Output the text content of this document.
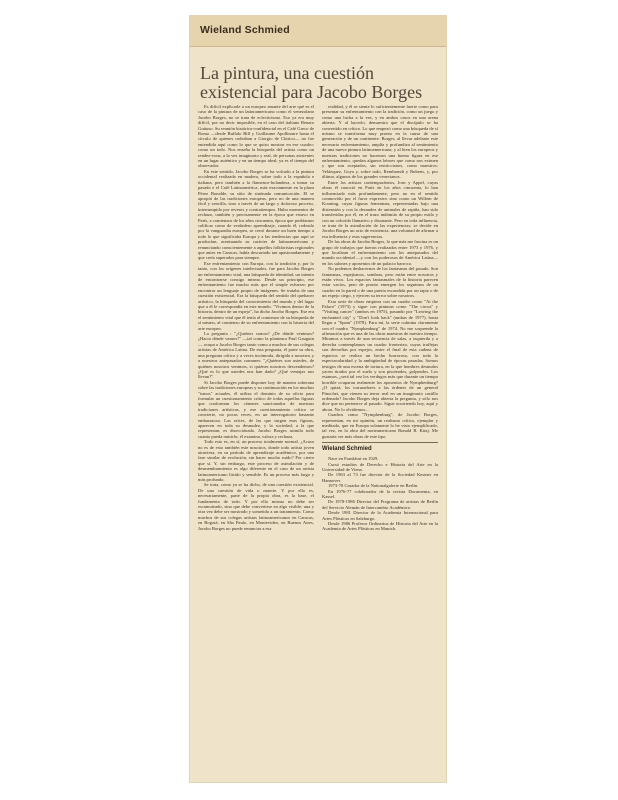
Wieland Schmied
La pintura, una cuestión existencial para Jacobo Borges

Es difícil explicarle a un europeo amante del arte qué es el caso de la pintura de un latinoamericano como el venezolano Jacobo Borges, no se trata de eclecticismo. Eso ya era muy difícil, por no decir imposible, en el caso del italiano Renato Guttuso. Su reunión histórica-confidencial en el Café Greco de Roma —desde Buffalo Bill y Guillaume Apollinaire hasta el círculo de quienes rodeaban a Giorgio de Chirico— no fue entendida aquí como lo que se quiso mostrar en ese cuadro: como un todo. Nos enseña la búsqueda del artista como un rendez-vous, a la vez imaginario y real, de personas asistentes en un lugar auténtico y en un tiempo ideal; ya es el tiempo del observador.

En este sentido, Jacobo Borges se ha volcado a la pintura occidental realizada en madera, sobre todo a la española e italiana, pero también a la flamenco-holandesa, a tomar su pasado e el Café Latinoamérica, más exactamente en la plaza Pérez Bonalde, su sitio de sinónada comunicación. El se apropió de las tradiciones europeas, pero no de una manera fácil y sencilla, sino a través de un largo y doloroso proceso, interrumpido por reveses y contratiempos. Hubo momentos de rechazo, también y precisamente en la época que estuvo en París, a comienzos de los años cincuenta, época que podríamos calificar como de verdadero aprendizaje, cuando él, rodeado por la vanguardia europea, se cerró durante un buen tiempo a todo lo que significaba Europa y a las tendencias que aquí se producían, acentuando su carácter de latinoamericano y renunciando conscientemente a aquellos folkloristas regionales que antes en Caracas, había descartado tan apasionadamente y que creía superados para siempre.

Ese enfrentamiento con Europa, con la tradición y, por lo tanto, con los orígenes intelectuales, fue para Jacobo Borges un enfrentamiento vital, una búsqueda de identidad, un intento de encontrarse consigo mismo. Desde un principio, ese enfrentamiento fue mucho más que el simple esfuerzo por encontrar un lenguaje propio de imágenes. Se trataba de una cuestión existencial. Era la búsqueda del sentido del quehacer artístico, la búsqueda del conocimiento del mundo y del lugar que a él le correspondía en este mundo. "Vivimos dentro de la historia, dentro de un espejo", ha dicho Jacobo Borges. Ese era el sentimiento vital que él tenía al comienzo de su búsqueda de sí mismo, al comienzo de su enfrentamiento con la historia del arte europeo.

La pregunta : "¿Quiénes somos? ¿De dónde venimos? ¿Hacia dónde vamos?" —tal como la planteara Paul Gauguin— ocupa a Jacobo Borges tanto como a muchos de sus colegas artistas de América Latina. De esta pregunta, él parte su obra, una pregunta crítica y a veces incómoda, dirigida a nosotros y a nuestros antepasados comunes: "¿Quiénes son ustedes, de quiénes nosotros venimos, si quiénes nosotros descendemos? ¿Qué es lo que ustedes nos han dado? ¿Qué ventajas nos llevan?".

Si Jacobo Borges puede disponer hoy de manera soberana sobre las tradiciones europeas y su continuación en los muchos "ismos" actuales, él utiliza el dominio de su oficio para formular un cuestionamiento crítico de todas aquellas figuras que conforman los cánones sancionados de nuestras tradiciones artísticas, y ese cuestionamiento crítico se convierte, no pocas veces, en un interrogatorio bastante embarazoso. Las raíces, de las que surgen esas figuras, aparecen en toda su desnudez, y la sociedad, a la que representan, es disecciónada. Jacobo Borges asimila todo cuanto pueda nutrirlo; él examina, valora y rechaza.

Todo esto es, en sí, un proceso totalmente normal. ¿Acaso no es de esto también este nosotros, donde todo artista joven atraviesa, en su período de aprendizaje académico, por una fase similar de evolución, sin hacer mucho ruido? Por cierto que sí. Y, sin embargo, este proceso de asimilación y de desmembramiento es algo diferente en el caso de un artista latinoamericano lúcido y sensible. Es un proceso más largo y más profundo.

Se trata, como ya se ha dicho, de una cuestión existencial. De una cuestión de vida o muerte. Y por ello es, necesariamente, parte de la propia obra, es la base, el fundamento de todo. Y por ello mismo no debe ser escamoteado, sino que debe convertirse en algo visible; una y otra vez debe ser mostrado y sometido a un tratamiento. Como muchos de sus colegas artistas latinoamericanos en Caracas, en Bogotá, en São Paulo, en Montevideo, en Buenos Aires, Jacobo Borges no puede renunciar a esa

realidad, y él se siente lo suficientemente fuerte como para presentar su enfrentamiento con la tradición, como un juego y como una lucha a la vez, y en ambos casos en una arena abierta. Y al hacerlo, demuestra que el discípulo se ha convertido en crítico. Lo que empezó como una búsqueda de sí mismo se transforma muy pronto en la causa de una generación y de un continente. Borges, al llevar adelante este necesario enfrentamiento, amplía y profundiza al sentimiento de una nueva pintura latinoamericana, y al bien los europeos y nuestras tradiciones no hacemos una buena figura en ese enfrentamiento, quedan algunos héroes que como nos eximen y que son aceptados, sin restricciones, como maestros: Velázquez, Goya y, sobre todo, Rembrandt y Rubens, y, por último, algunos de los grandes venecianos.

Entre los artistas contemporáneos, Jorn y Appel, cuyas obras él conoció en París en los años cincuenta, lo han influenciado más profundamente, pero no en el sentido conmovido por el furor expresivo sino como un Willem de Kooning, cuyas figuras femeninas, representadas bajo una distensión y con la desnudez de animales de rapiña, han sido transferidas por él, en el trazo indómito de su propio estilo y con un colorido llamativo y disonante. Pero en toda influencia, se trata de la asimilación de las experiencias, se decide en Jacobo Borges un acto de existencia, una voluntad de afirmar a esa influencia y esas sugerencias.

De las obras de Jacobo Borges, lo que más me fascina es un grupo de trabajos que fueron realizados entre 1973 y 1976, y que localizan el enfrentamiento con los antepasados del mundo occidental —y con los poderosos de América Latina— en los salones y aposentos de un palacio barroco.

No podemos deshacernos de los fantasmas del pasado. Son fantasmas, espejismos, sombras, pero están entre nosotros y están vivos. Los espacios fantasmales de la historia parecen estar vacíos, pero de pronto emergen los seguimos de un cuadro en la pared o de una puerta escondida por un tapiz o de un espejo ciego, y ejercen su terror sobre nosotros.

Esta serie de obras empieza con un cuadro como "At the Palace" (1973) y sigue con pinturas como "The circus" y "Visiting cancer" (ambos en 1975), pasando por "Leaving the enchanted city" y "Don't look back" (ambas de 1977), hasta llegar a "Spain" (1978). Para mí, la serie culmina claramente con el cuadro "Nymphenburg" de 1974. No me sorprende la afirmación que es una de las obras maestras de nuestro tiempo. Miramos a través de una secuencia de salas, a izquierda y a derecha contemplamos un cuadro fronterizo, cuyas truffejas son devueltas por espejos, entre el final de esta cadena de espacios se realiza un hecho horroroso, con toda la espectacularidad y la ambigüedad de épocas pasadas. Somos testigos de una escena de tortura, en la que hombres desnudos yacen tirados por el suelo y son pisoteados, golpeados. Los estamos, ¿será tal vez los verdugos más que durante un tiempo horrible ocuparan realmente los aposentos de Nymphenburg? ¿O quizá, los torturadores a las órdenes de un general Pinochet, que vienen su terror real en un imaginario castillo ordenado? Jacobo Borges deja abierta la pregunta, y sólo nos dice que no pertenece al pasado. Sigue ocurriendo hoy, aquí y ahora. No lo olvidemos...

Cuadros como "Nymphenburg", de Jacobo Borges, representan, en mi opinión, un realismo crítico, ejemplar y meditado, que en Europa solamente lo he visto ejemplificado, tal vez, en la obra del norteamericano Ronald B. Kitaj. Me gustaría ver más obras de este tipo.

Wieland Schmied

Nace en Frankfurt en 1929.

Cursó estudios de Derecho e Historia del Arte en la Universidad de Viena.

De 1963 al 73 fue director de la Sociedad Kestner en Hannover.

1973-78 Curador de la Nationalgalerie en Berlín.

En 1976-77 colaborador de la revista Documenta, en Kassel.

De 1978-1986 Director del Programa de artistas de Berlín del Servicio Alemán de Intercambio Académico.

Desde 1981 Director de la Academia Internacional para Artes Plásticas en Salzburgo.

Desde 1986 Profesor Ordinarius de Historia del Arte en la Academia de Artes Plásticas en Munich.
